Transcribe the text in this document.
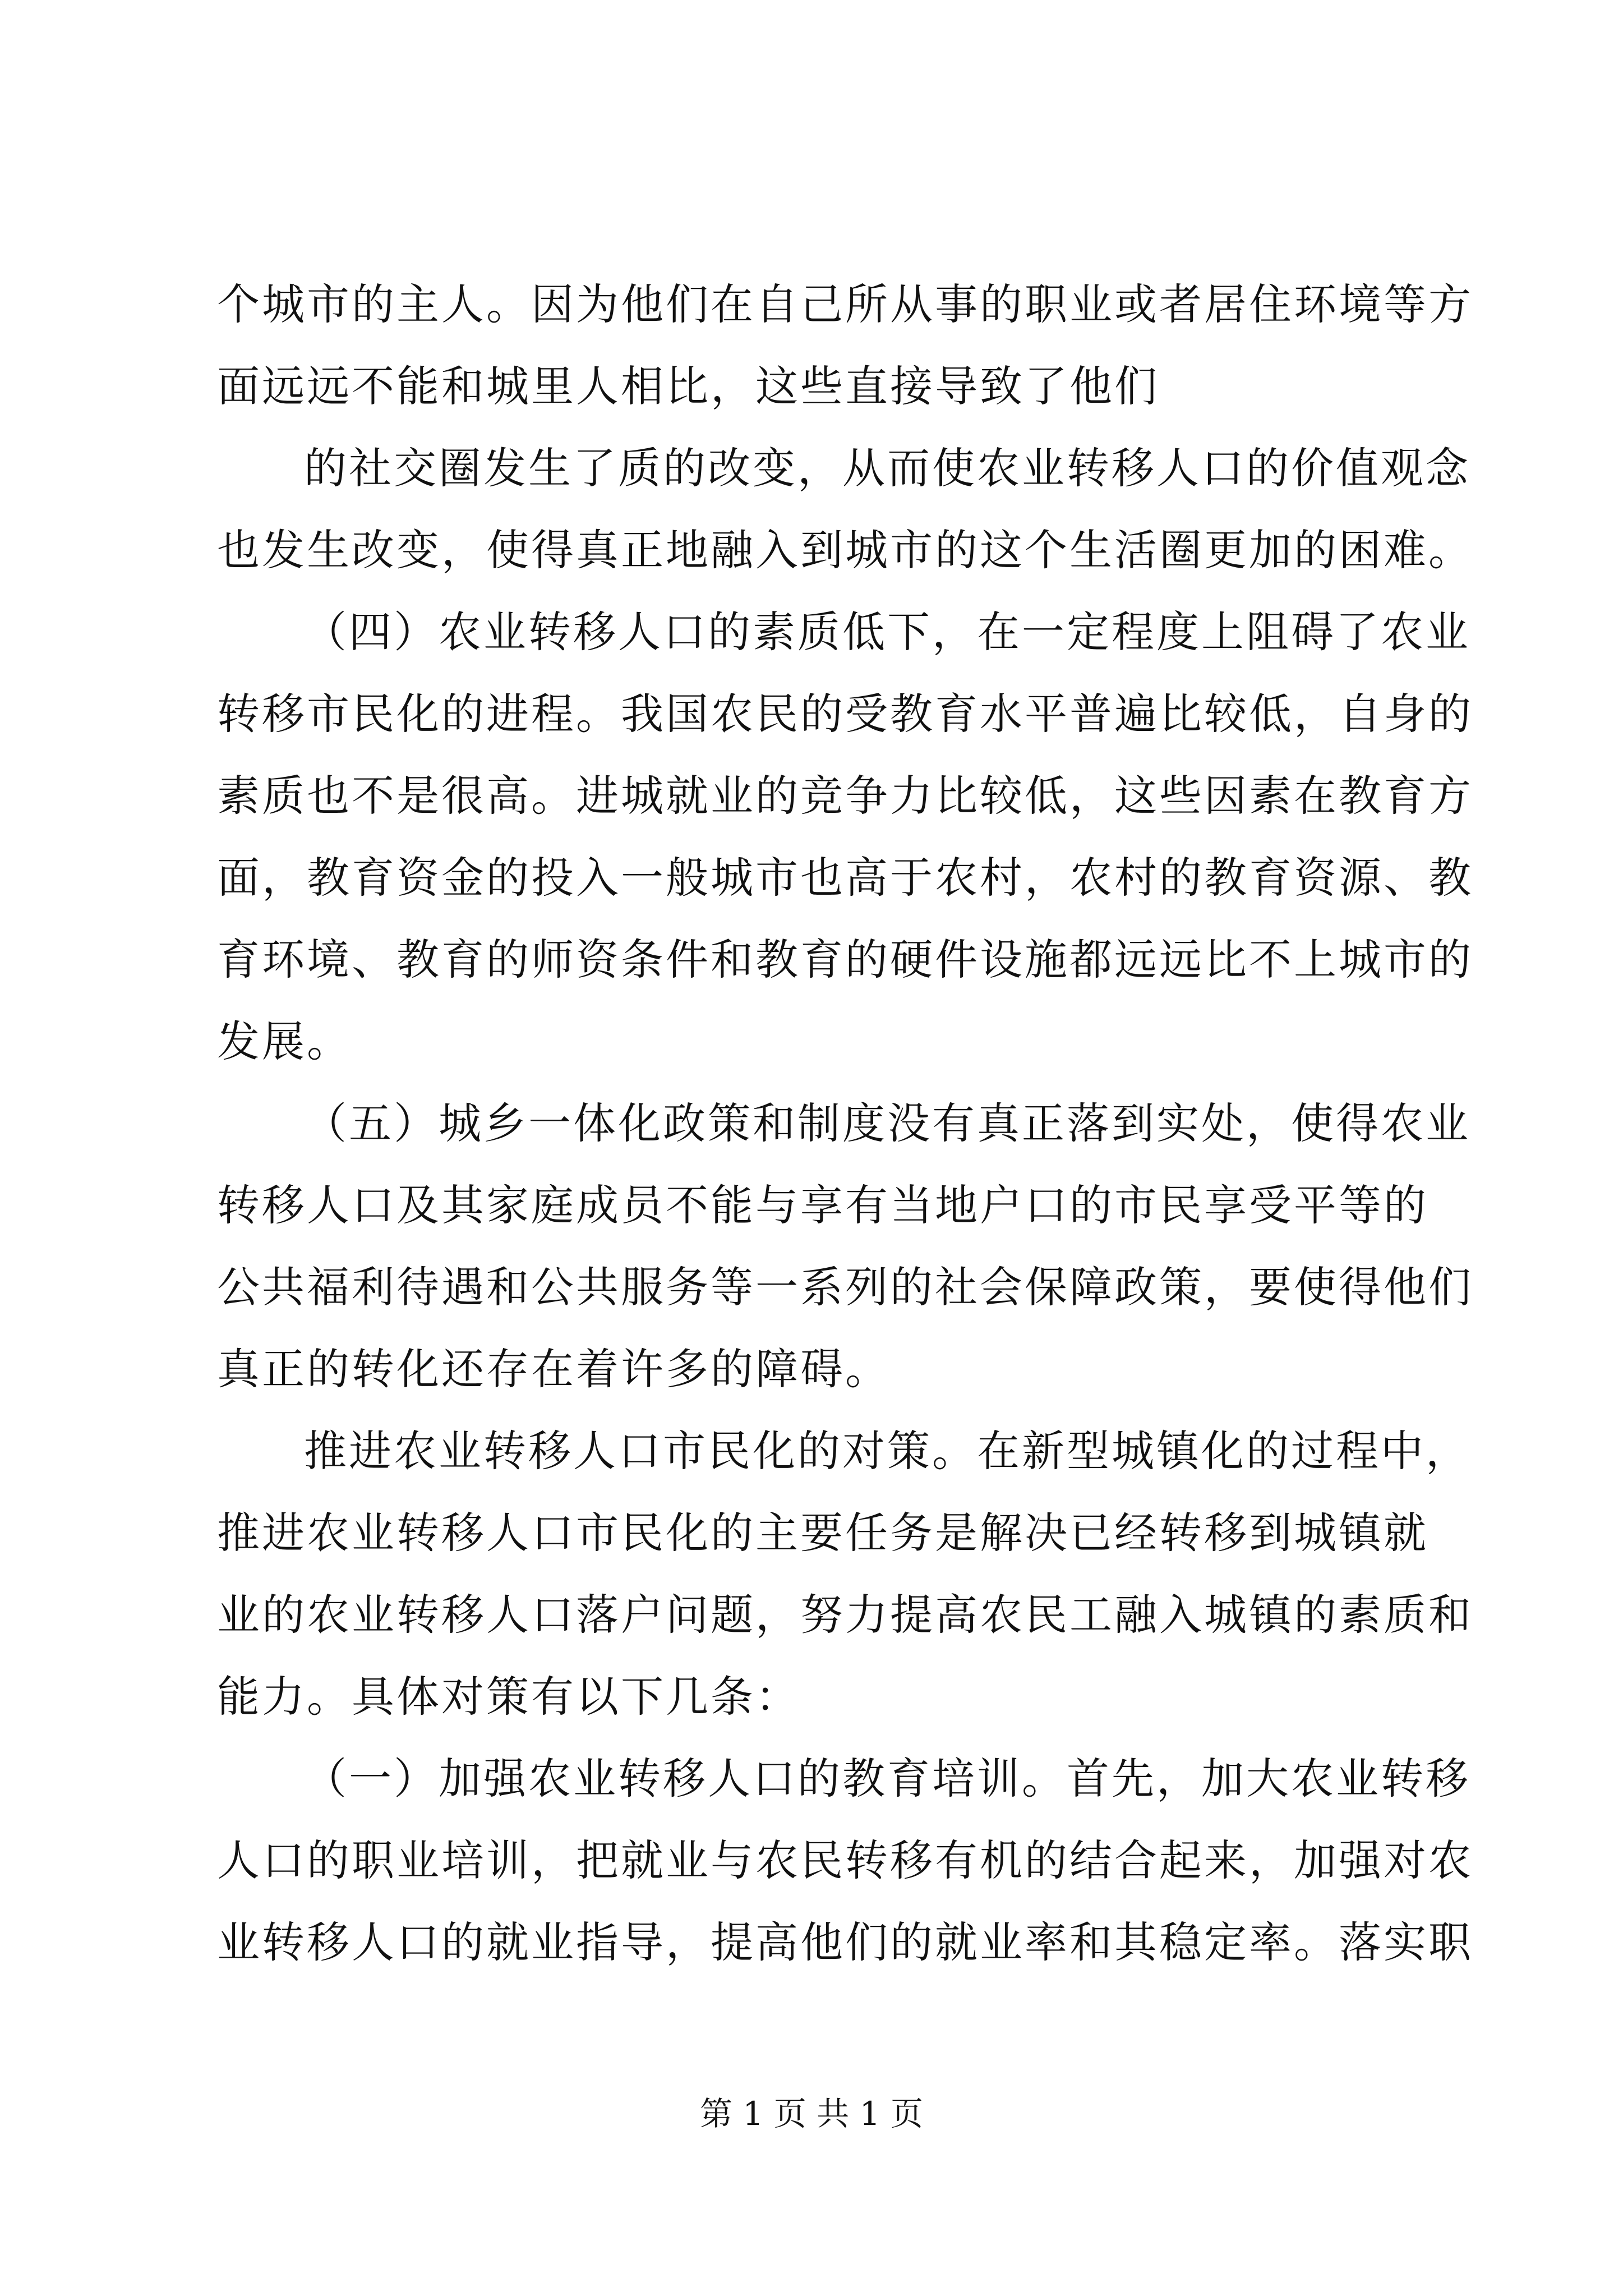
个城市的主人。因为他们在自己所从事的职业或者居住环境等方
面远远不能和城里人相比，这些直接导致了他们
的社交圈发生了质的改变，从而使农业转移人口的价值观念
也发生改变，使得真正地融入到城市的这个生活圈更加的困难。
（四）农业转移人口的素质低下，在一定程度上阻碍了农业
转移市民化的进程。我国农民的受教育水平普遍比较低，自身的
素质也不是很高。进城就业的竞争力比较低，这些因素在教育方
面，教育资金的投入一般城市也高于农村，农村的教育资源、教
育环境、教育的师资条件和教育的硬件设施都远远比不上城市的
发展。
（五）城乡一体化政策和制度没有真正落到实处，使得农业
转移人口及其家庭成员不能与享有当地户口的市民享受平等的
公共福利待遇和公共服务等一系列的社会保障政策，要使得他们
真正的转化还存在着许多的障碍。
推进农业转移人口市民化的对策。在新型城镇化的过程中，
推进农业转移人口市民化的主要任务是解决已经转移到城镇就
业的农业转移人口落户问题，努力提高农民工融入城镇的素质和
能力。具体对策有以下几条：
（一）加强农业转移人口的教育培训。首先，加大农业转移
人口的职业培训，把就业与农民转移有机的结合起来，加强对农
业转移人口的就业指导，提高他们的就业率和其稳定率。落实职
第 1 页 共 1 页
